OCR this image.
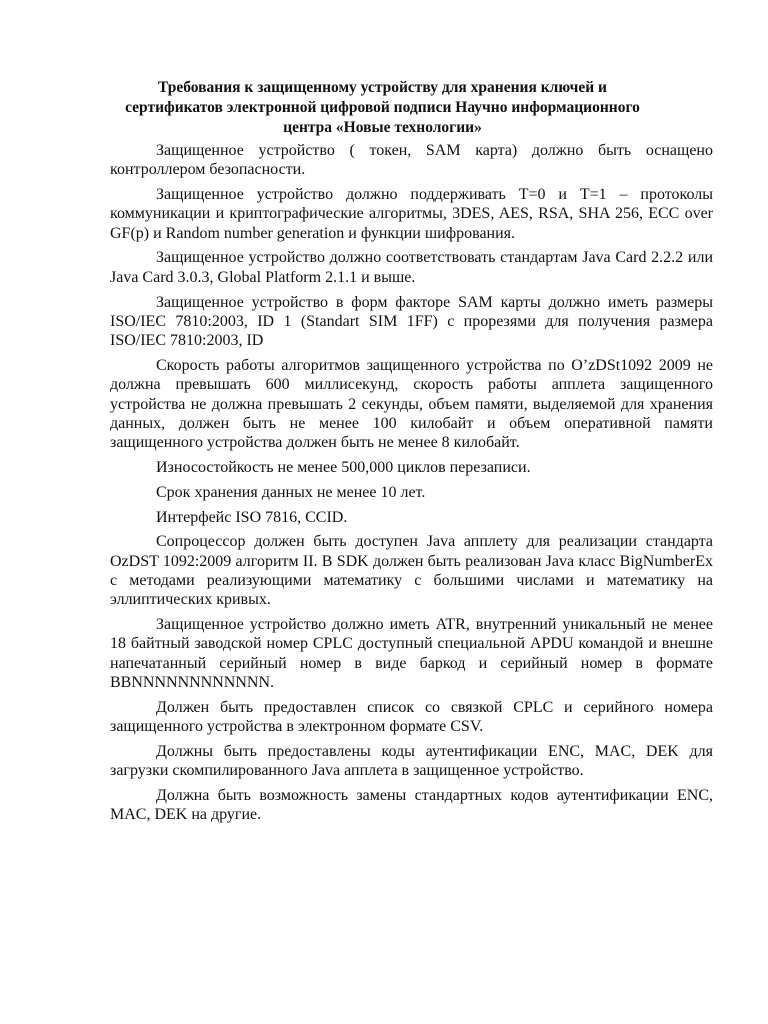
Требования к защищенному устройству для хранения ключей и сертификатов электронной цифровой подписи Научно информационного центра «Новые технологии»

Защищенное устройство ( токен, SAM карта) должно быть оснащено контроллером безопасности.

Защищенное устройство должно поддерживать T=0 и T=1 – протоколы коммуникации и криптографические алгоритмы, 3DES, AES, RSA, SHA 256, ECC over GF(p) и Random number generation и функции шифрования.

Защищенное устройство должно соответствовать стандартам Java Card 2.2.2 или Java Card 3.0.3, Global Platform 2.1.1 и выше.

Защищенное устройство в форм факторе SAM карты должно иметь размеры ISO/IEC 7810:2003, ID 1 (Standart SIM 1FF) с прорезями для получения размера ISO/IEC 7810:2003, ID

Скорость работы алгоритмов защищенного устройства по O’zDSt1092 2009 не должна превышать 600 миллисекунд, скорость работы апплета защищенного устройства не должна превышать 2 секунды, объем памяти, выделяемой для хранения данных, должен быть не менее 100 килобайт и объем оперативной памяти защищенного устройства должен быть не менее 8 килобайт.

Износостойкость не менее 500,000 циклов перезаписи.

Срок хранения данных не менее 10 лет.

Интерфейс ISO 7816, CCID.

Сопроцессор должен быть доступен Java апплету для реализации стандарта OzDST 1092:2009 алгоритм II. В SDK должен быть реализован Java класс BigNumberEx с методами реализующими математику с большими числами и математику на эллиптических кривых.

Защищенное устройство должно иметь ATR, внутренний уникальный не менее 18 байтный заводской номер CPLC доступный специальной APDU командой и внешне напечатанный серийный номер в виде баркод и серийный номер в формате BBNNNNNNNNNNNN.

Должен быть предоставлен список со связкой CPLC и серийного номера защищенного устройства в электронном формате CSV.

Должны быть предоставлены коды аутентификации ENC, MAC, DEK для загрузки скомпилированного Java апплета в защищенное устройство.

Должна быть возможность замены стандартных кодов аутентификации ENC, MAC, DEK на другие.
